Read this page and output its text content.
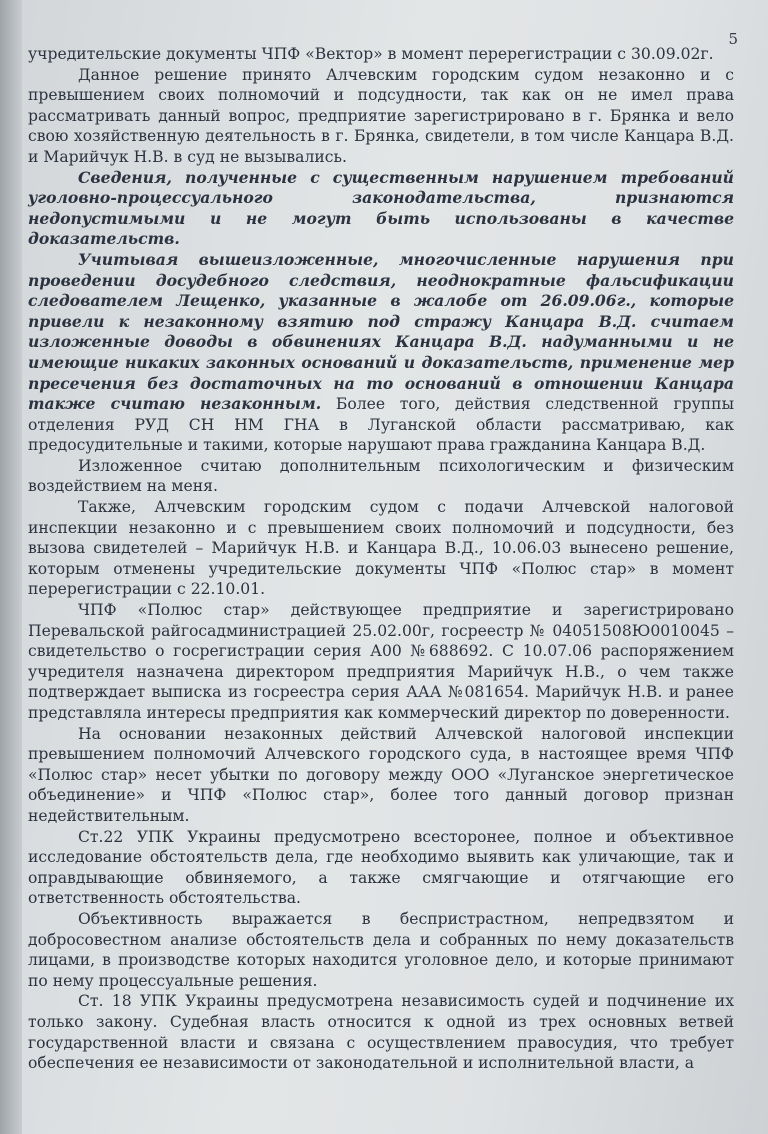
5

учредительские документы ЧПФ «Вектор» в момент перерегистрации с 30.09.02г.

Данное решение принято Алчевским городским судом незаконно и с превышением своих полномочий и подсудности, так как он не имел права рассматривать данный вопрос, предприятие зарегистрировано в г. Брянка и вело свою хозяйственную деятельность в г. Брянка, свидетели, в том числе Канцара В.Д. и Марийчук Н.В. в суд не вызывались.

Сведения, полученные с существенным нарушением требований уголовно-процессуального законодательства, признаются недопустимыми и не могут быть использованы в качестве доказательств.

Учитывая вышеизложенные, многочисленные нарушения при проведении досудебного следствия, неоднократные фальсификации следователем Лещенко, указанные в жалобе от 26.09.06г., которые привели к незаконному взятию под стражу Канцара В.Д. считаем изложенные доводы в обвинениях Канцара В.Д. надуманными и не имеющие никаких законных оснований и доказательств, применение мер пресечения без достаточных на то оснований в отношении Канцара также считаю незаконным. Более того, действия следственной группы отделения РУД СН НМ ГНА в Луганской области рассматриваю, как предосудительные и такими, которые нарушают права гражданина Канцара В.Д.

Изложенное считаю дополнительным психологическим и физическим воздействием на меня.

Также, Алчевским городским судом с подачи Алчевской налоговой инспекции незаконно и с превышением своих полномочий и подсудности, без вызова свидетелей – Марийчук Н.В. и Канцара В.Д., 10.06.03 вынесено решение, которым отменены учредительские документы ЧПФ «Полюс стар» в момент перерегистрации с 22.10.01.

ЧПФ «Полюс стар» действующее предприятие и зарегистрировано Перевальской райгосадминистрацией 25.02.00г, госреестр № 04051508Ю0010045 – свидетельство о госрегистрации серия А00 №688692. С 10.07.06 распоряжением учредителя назначена директором предприятия Марийчук Н.В., о чем также подтверждает выписка из госреестра серия ААА №081654. Марийчук Н.В. и ранее представляла интересы предприятия как коммерческий директор по доверенности.

На основании незаконных действий Алчевской налоговой инспекции превышением полномочий Алчевского городского суда, в настоящее время ЧПФ «Полюс стар» несет убытки по договору между ООО «Луганское энергетическое объединение» и ЧПФ «Полюс стар», более того данный договор признан недействительным.

Ст.22 УПК Украины предусмотрено всесторонее, полное и объективное исследование обстоятельств дела, где необходимо выявить как уличающие, так и оправдывающие обвиняемого, а также смягчающие и отягчающие его ответственность обстоятельства.

Объективность выражается в беспристрастном, непредвзятом и добросовестном анализе обстоятельств дела и собранных по нему доказательств лицами, в производстве которых находится уголовное дело, и которые принимают по нему процессуальные решения.

Ст. 18 УПК Украины предусмотрена независимость судей и подчинение их только закону. Судебная власть относится к одной из трех основных ветвей государственной власти и связана с осуществлением правосудия, что требует обеспечения ее независимости от законодательной и исполнительной власти, а
